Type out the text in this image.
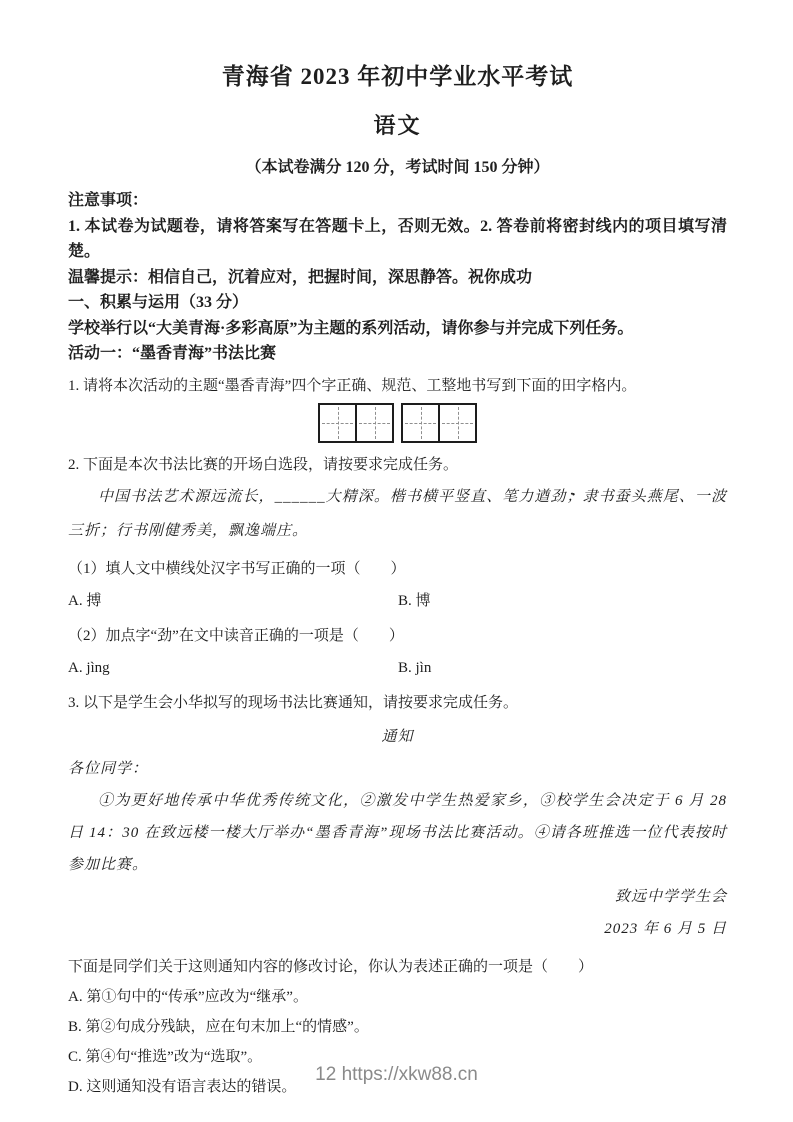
青海省 2023 年初中学业水平考试
语文
（本试卷满分 120 分，考试时间 150 分钟）

注意事项：

1. 本试卷为试题卷，请将答案写在答题卡上，否则无效。2. 答卷前将密封线内的项目填写清楚。

温馨提示：相信自己，沉着应对，把握时间，深思静答。祝你成功

一、积累与运用（33 分）

学校举行以“大美青海·多彩高原”为主题的系列活动，请你参与并完成下列任务。

活动一：“墨香青海”书法比赛

1. 请将本次活动的主题“墨香青海”四个字正确、规范、工整地书写到下面的田字格内。

2. 下面是本次书法比赛的开场白选段，请按要求完成任务。

中国书法艺术源远流长，______大精深。楷书横平竖直、笔力遒劲 •；隶书蚕头燕尾、一波三折；行书刚健秀美，飘逸端庄。

（1）填人文中横线处汉字书写正确的一项（　　）

A. 搏	B. 博

（2）加点字“劲”在文中读音正确的一项是（　　）

A. jìng	B. jìn

3. 以下是学生会小华拟写的现场书法比赛通知，请按要求完成任务。

通知

各位同学：

①为更好地传承中华优秀传统文化，②激发中学生热爱家乡，③校学生会决定于 6 月 28 日 14：30 在致远楼一楼大厅举办“墨香青海”现场书法比赛活动。④请各班推选一位代表按时参加比赛。

致远中学学生会

2023 年 6 月 5 日

下面是同学们关于这则通知内容的修改讨论，你认为表述正确的一项是（　　）

A. 第①句中的“传承”应改为“继承”。

B. 第②句成分残缺，应在句末加上“的情感”。

C. 第④句“推选”改为“选取”。

D. 这则通知没有语言表达的错误。

12 https://xkw88.cn
